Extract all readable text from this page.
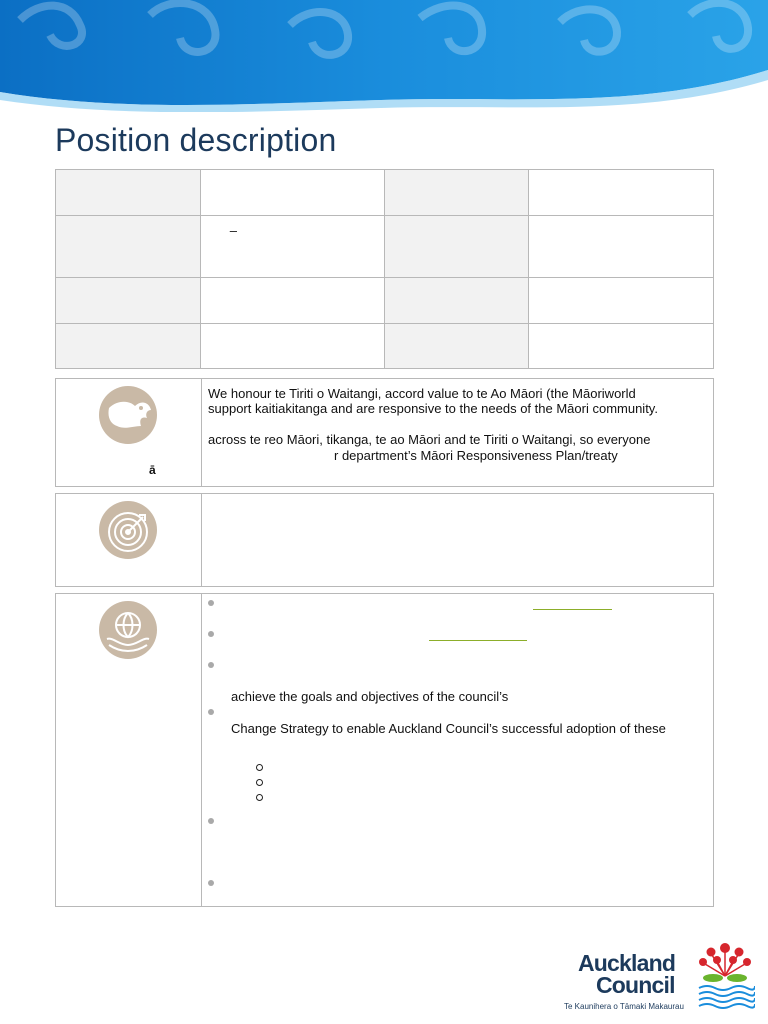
Position description

	–		

ā
We honour te Tiriti o Waitangi, accord value to te Ao Māori (the Māoriworld
support kaitiakitanga and are responsive to the needs of the Māori community.
across te reo Māori, tikanga, te ao Māori and te Tiriti o Waitangi, so everyone
r department’s Māori Responsiveness Plan/treaty
achieve the goals and objectives of the council’s
Change Strategy to enable Auckland Council’s successful adoption of these
Auckland
Council
Te Kaunihera o Tāmaki Makaurau
